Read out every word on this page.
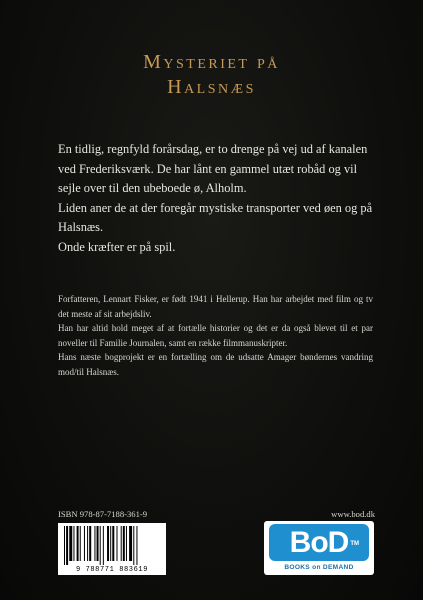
Mysteriet på
Halsnæs

En tidlig, regnfyld forårsdag, er to drenge på vej ud af kanalen ved Frederiksværk. De har lånt en gammel utæt robåd og vil sejle over til den ubeboede ø, Alholm.

Liden aner de at der foregår mystiske transporter ved øen og på Halsnæs.

Onde kræfter er på spil.

Forfatteren, Lennart Fisker, er født 1941 i Hellerup. Han har arbejdet med film og tv det meste af sit arbejdsliv.

Han har altid hold meget af at fortælle historier og det er da også blevet til et par noveller til Familie Journalen, samt en række filmmanuskripter.

Hans næste bogprojekt er en fortælling om de udsatte Amager bøndernes vandring mod/til Halsnæs.

ISBN 978-87-7188-361-9	www.bod.dk
9 788771 883619
BoD TM
BOOKS on DEMAND
